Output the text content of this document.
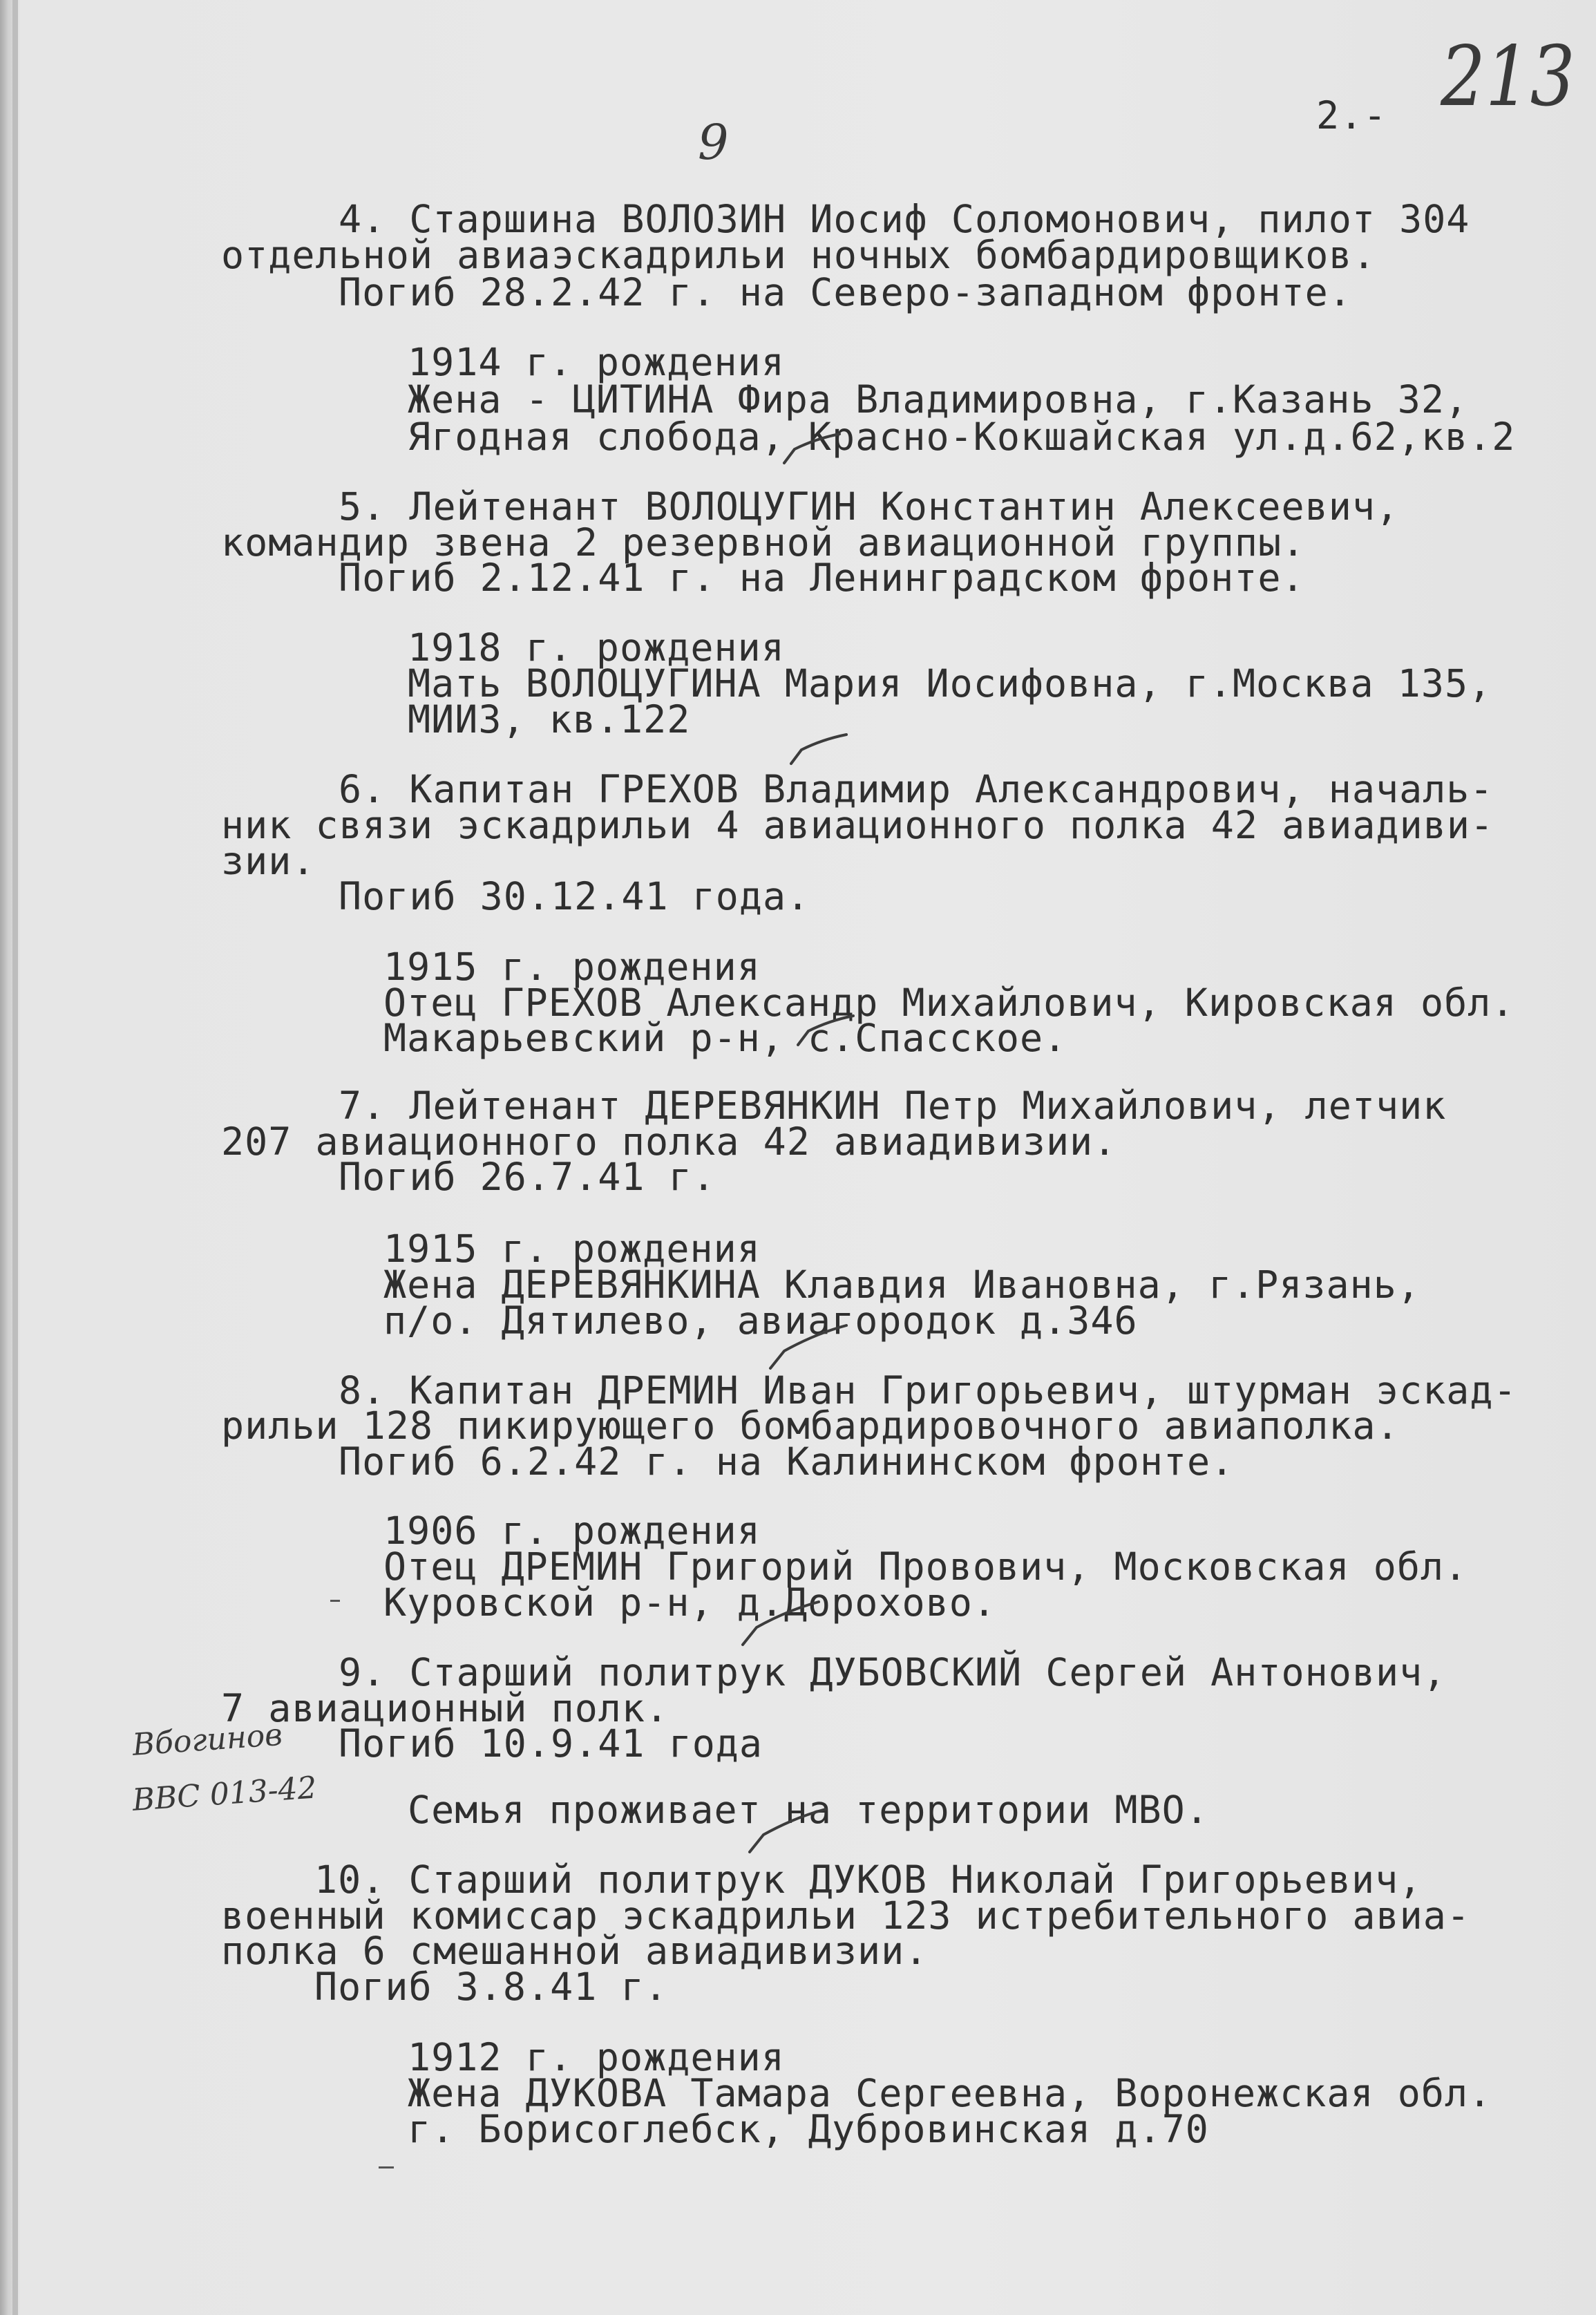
2.- 213
9
4. Старшина ВОЛОЗИН Иосиф Соломонович, пилот 304
отдельной авиаэскадрильи ночных бомбардировщиков.
Погиб 28.2.42 г. на Северо-западном фронте.
1914 г. рождения
Жена - ЦИТИНА Фира Владимировна, г.Казань 32,
Ягодная слобода, Красно-Кокшайская ул.д.62,кв.2
5. Лейтенант ВОЛОЦУГИН Константин Алексеевич,
командир звена 2 резервной авиационной группы.
Погиб 2.12.41 г. на Ленинградском фронте.
1918 г. рождения
Мать ВОЛОЦУГИНА Мария Иосифовна, г.Москва 135,
МИИЗ, кв.122
6. Капитан ГРЕХОВ Владимир Александрович, началь-
ник связи эскадрильи 4 авиационного полка 42 авиадиви-
зии.
Погиб 30.12.41 года.
1915 г. рождения
Отец ГРЕХОВ Александр Михайлович, Кировская обл.
Макарьевский р-н, с.Спасское.
7. Лейтенант ДЕРЕВЯНКИН Петр Михайлович, летчик
207 авиационного полка 42 авиадивизии.
Погиб 26.7.41 г.
1915 г. рождения
Жена ДЕРЕВЯНКИНА Клавдия Ивановна, г.Рязань,
п/о. Дятилево, авиагородок д.346
8. Капитан ДРЕМИН Иван Григорьевич, штурман эскад-
рильи 128 пикирующего бомбардировочного авиаполка.
Погиб 6.2.42 г. на Калининском фронте.
1906 г. рождения
Отец ДРЕМИН Григорий Провович, Московская обл.
Куровской р-н, д.Дорохово.
9. Старший политрук ДУБОВСКИЙ Сергей Антонович,
7 авиационный полк.
Погиб 10.9.41 года
Семья проживает на территории МВО.
10. Старший политрук ДУКОВ Николай Григорьевич,
военный комиссар эскадрильи 123 истребительного авиа-
полка 6 смешанной авиадивизии.
Погиб 3.8.41 г.
1912 г. рождения
Жена ДУКОВА Тамара Сергеевна, Воронежская обл.
г. Борисоглебск, Дубровинская д.70
Вбогинов
ВВС 013-42
